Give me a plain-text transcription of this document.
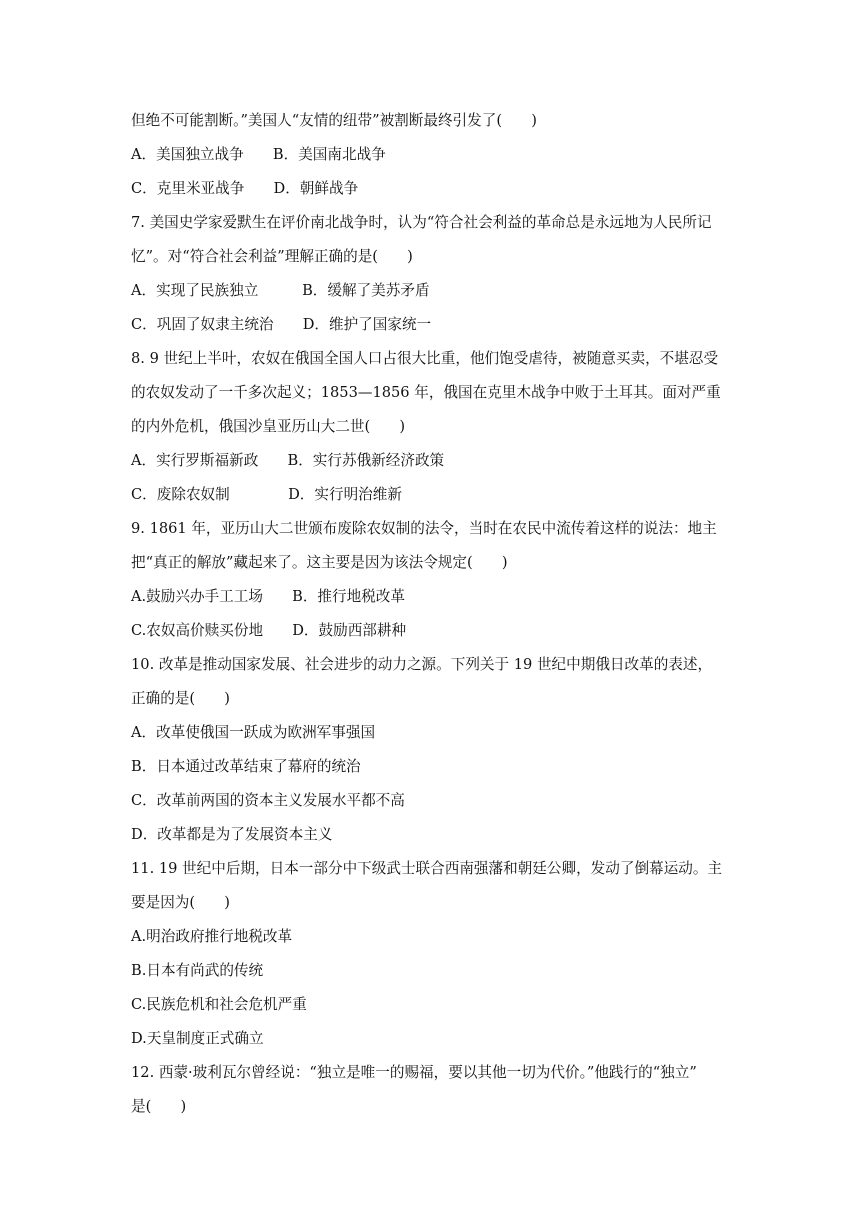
但绝不可能割断。”美国人“友情的纽带”被割断最终引发了(　　)
A．美国独立战争　　B．美国南北战争
C．克里米亚战争　　D．朝鲜战争
7. 美国史学家爱默生在评价南北战争时，认为“符合社会利益的革命总是永远地为人民所记
忆”。对“符合社会利益”理解正确的是(　　)
A．实现了民族独立　　　B．缓解了美苏矛盾
C．巩固了奴隶主统治　　D．维护了国家统一
8. 9 世纪上半叶，农奴在俄国全国人口占很大比重，他们饱受虐待，被随意买卖，不堪忍受
的农奴发动了一千多次起义；1853—1856 年，俄国在克里木战争中败于土耳其。面对严重
的内外危机，俄国沙皇亚历山大二世(　　)
A．实行罗斯福新政　　B．实行苏俄新经济政策
C．废除农奴制　　　　D．实行明治维新
9. 1861 年，亚历山大二世颁布废除农奴制的法令，当时在农民中流传着这样的说法：地主
把“真正的解放”藏起来了。这主要是因为该法令规定(　　)
A.鼓励兴办手工工场　　B．推行地税改革
C.农奴高价赎买份地　　D．鼓励西部耕种
10. 改革是推动国家发展、社会进步的动力之源。下列关于 19 世纪中期俄日改革的表述，
正确的是(　　)
A．改革使俄国一跃成为欧洲军事强国
B．日本通过改革结束了幕府的统治
C．改革前两国的资本主义发展水平都不高
D．改革都是为了发展资本主义
11. 19 世纪中后期，日本一部分中下级武士联合西南强藩和朝廷公卿，发动了倒幕运动。主
要是因为(　　)
A.明治政府推行地税改革
B.日本有尚武的传统
C.民族危机和社会危机严重
D.天皇制度正式确立
12. 西蒙·玻利瓦尔曾经说：“独立是唯一的赐福，要以其他一切为代价。”他践行的“独立”
是(　　)
